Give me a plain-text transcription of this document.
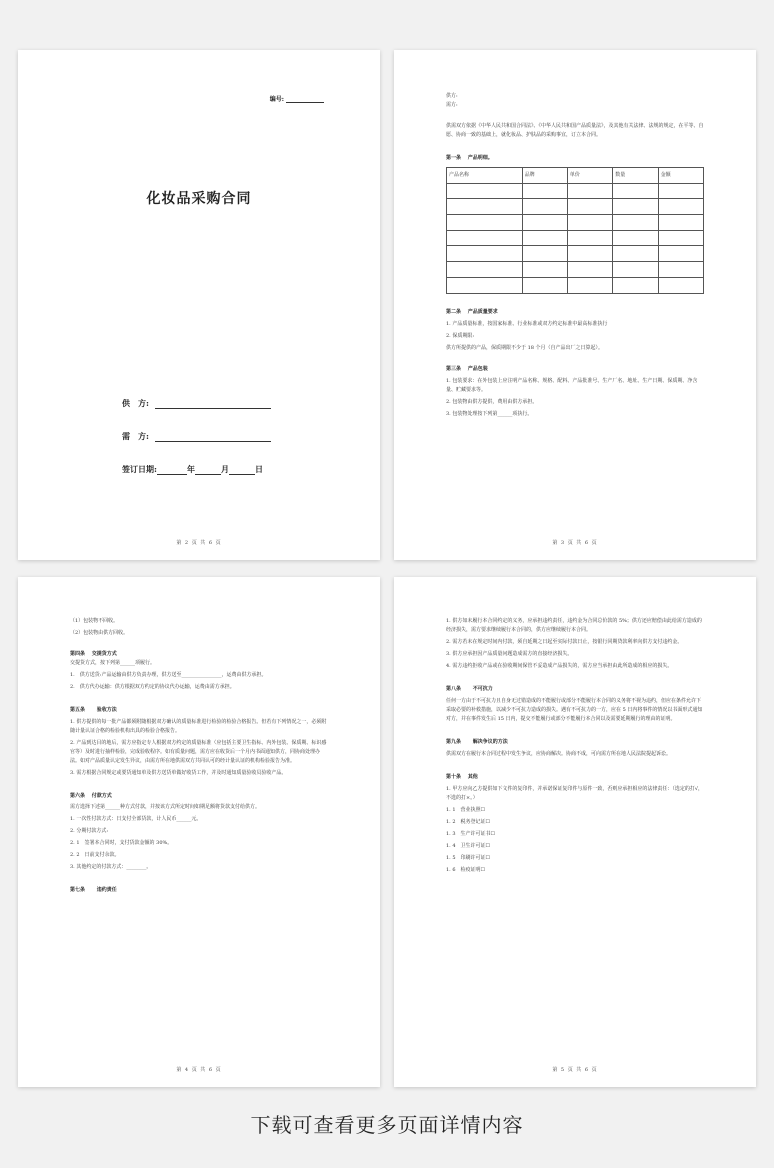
编号:
化妆品采购合同
供　方:
需　方:
签订日期:	年	月	日
第 2 页 共 6 页

供方:

需方:

供需双方依据《中华人民共和国合同法》、《中华人民共和国产品质量法》，及其他有关法律、法规的规定，在平等、自愿、协商一致的基础上，就化妆品、护肤品的采购事宜，订立本合同。

第一条　 产品明细。

产品名称	品牌	单价	数量	金额

第二条　 产品质量要求

1. 产品质量标准，按国家标准、行业标准或双方约定标准中最高标准执行

2. 保质期限:

供方所提供的产品，保质期限不少于 18 个月（自产品出厂之日算起）。

第三条　 产品包装

1. 包装要求：在外包装上应注明产品名称、规格、配料、产品批准号、生产厂名、地址、生产日期、保质期、净含量、贮藏要求等。

2. 包装物由供方提供，费用由供方承担。

3. 包装物处理按下列第______项执行。

第 3 页 共 6 页

（1）包装物不回收。

（2）包装物由供方回收。

第四条　 交提货方式

交提货方式，按下列第______项履行。

1.　供方送货:产品运输由供方负责办理，供方送至________________，运费由供方承担。

2.　供方代办运输：供方根据双方约定的协议代办运输，运费由需方承担。

第五条　　 验收方法

1. 供方提供的每一批产品都须附随根据双方确认的质量标准进行检验的检验合格报告。但若有下列情况之一，必须附随计量认证合格的检验机构出具的检验合格报告。

2. 产品到达目的地后，需方应指定专人根据双方约定的质量标准（应包括主要卫生指标、内外包装、保质期、标识感官等）及时进行抽样检验，完成验收程序。如有质量问题，需方应在收货后一个月内书面通知供方，同协商处理办法。如对产品质量认定发生异议，由需方所在地供需双方共同认可的经计量认证的机构检验报告为准。

3. 需方根据合同规定或要货通知单及供方送货单做好收货工作，并及时通知质量验收员验收产品。

第六条　 付款方式

需方选择下述第______种方式付款，并按该方式所定时间如期足额将货款支付给供方。

1. 一次性付款方式：日支付全部货款，计人民币______元。

2. 分期付款方式:

2. 1　签署本合同时，支付货款金额的 30%。

2. 2　日前支付余款。

3. 其他约定的付款方式：________。

第七条　　 违约责任

第 4 页 共 6 页

1. 供方如未履行本合同约定的义务，应承担违约责任，违约金为合同总价款的 5%；供方还应赔偿由此给需方造成的经济损失，需方要求继续履行本合同的，供方应继续履行本合同。

2. 需方若未在规定时间内付款，须自延期之日起至实际付款日止，按银行同期贷款利率向供方支付违约金。

3. 供方应承担因产品质量问题造成需方的直接经济损失。

4. 需方违约拒收产品或在验收期间保管不妥造成产品损失的，需方应当承担由此所造成的相应的损失。

第八条　　 不可抗力

任何一方由于不可抗力且自身无过错造成的不能履行或部分不能履行本合同的义务将不视为违约，但应在条件允许下采取必要的补救措施，以减少不可抗力造成的损失。遇有不可抗力的一方，应在 5 日内将事件的情况以书面形式通知对方，并在事件发生后 15 日内，提交不能履行或部分不能履行本合同以及需要延期履行的理由的证明。

第九条　　 解决争议的方法

供需双方在履行本合同过程中发生争议，应协商解决。协商不成，可向需方所在地人民法院提起诉讼。

第十条　 其他

1. 甲方应向乙方提供如下文件的复印件，并承诺保证复印件与原件一致，否则应承担相应的法律责任：（选定的打√，不选的打×。）

1. 1　营业执照☐

1. 2　税务登记证☐

1. 3　生产许可证书☐

1. 4　卫生许可证☐

1. 5　印刷许可证☐

1. 6　检疫证明☐

第 5 页 共 6 页
下载可查看更多页面详情内容
